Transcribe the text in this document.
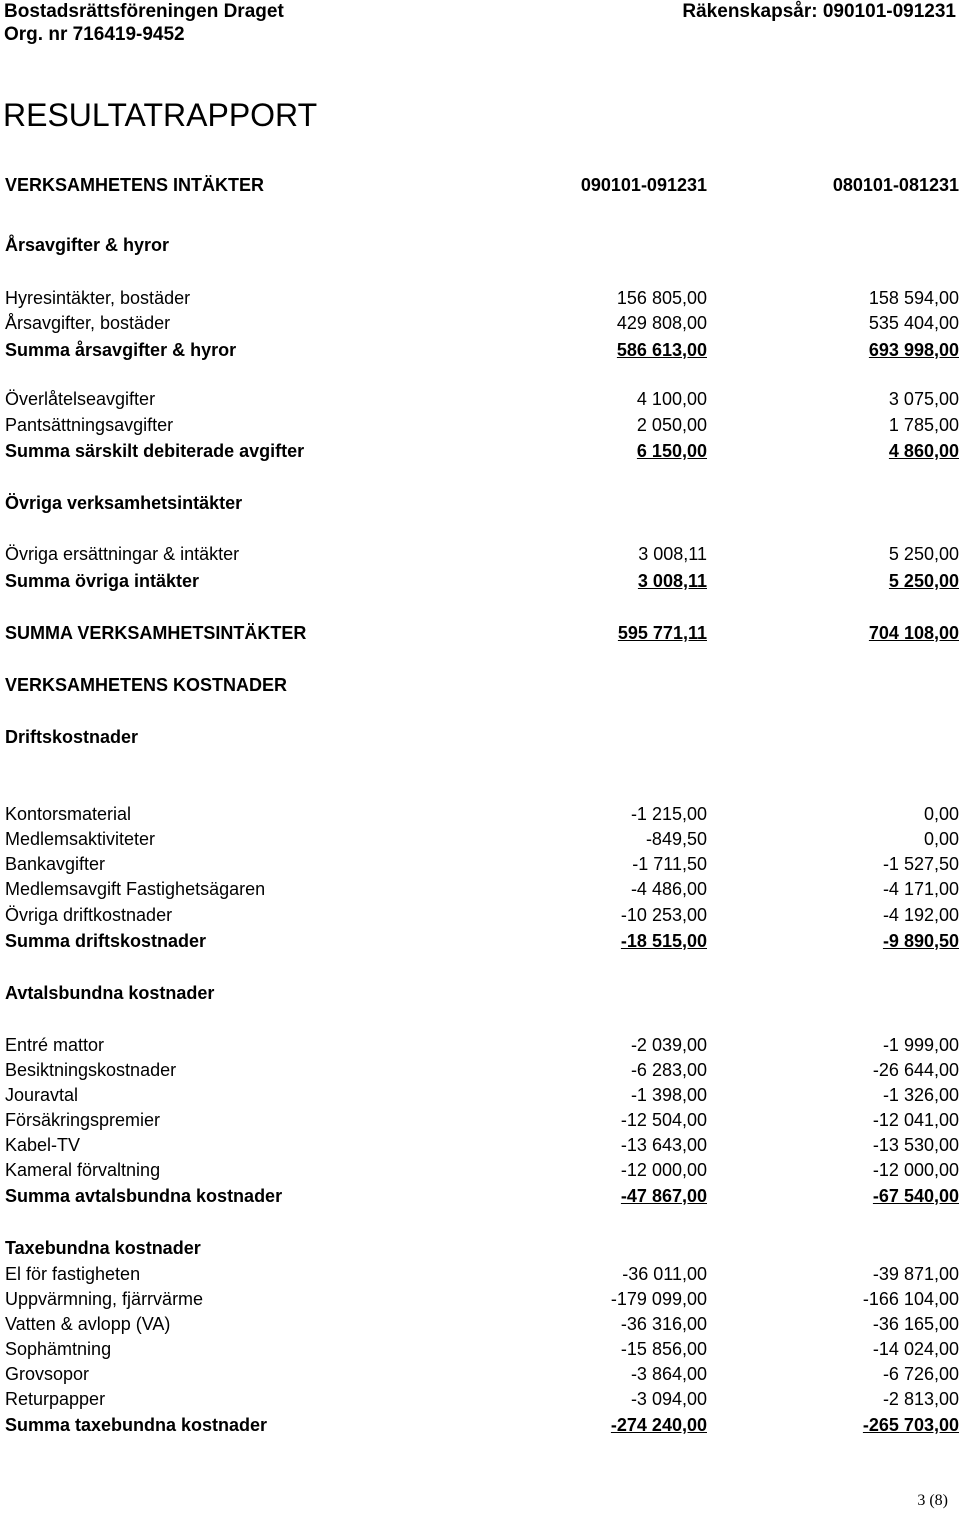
Bostadsrättsföreningen Draget
Org. nr 716419-9452
Räkenskapsår: 090101-091231
RESULTATRAPPORT
VERKSAMHETENS INTÄKTER	090101-091231	080101-081231
Årsavgifter & hyror
Hyresintäkter, bostäder	156 805,00	158 594,00
Årsavgifter, bostäder	429 808,00	535 404,00
Summa årsavgifter & hyror	586 613,00	693 998,00
Överlåtelseavgifter	4 100,00	3 075,00
Pantsättningsavgifter	2 050,00	1 785,00
Summa särskilt debiterade avgifter	6 150,00	4 860,00
Övriga verksamhetsintäkter
Övriga ersättningar & intäkter	3 008,11	5 250,00
Summa övriga intäkter	3 008,11	5 250,00
SUMMA VERKSAMHETSINTÄKTER	595 771,11	704 108,00
VERKSAMHETENS KOSTNADER
Driftskostnader
Kontorsmaterial	-1 215,00	0,00
Medlemsaktiviteter	-849,50	0,00
Bankavgifter	-1 711,50	-1 527,50
Medlemsavgift Fastighetsägaren	-4 486,00	-4 171,00
Övriga driftkostnader	-10 253,00	-4 192,00
Summa driftskostnader	-18 515,00	-9 890,50
Avtalsbundna kostnader
Entré mattor	-2 039,00	-1 999,00
Besiktningskostnader	-6 283,00	-26 644,00
Jouravtal	-1 398,00	-1 326,00
Försäkringspremier	-12 504,00	-12 041,00
Kabel-TV	-13 643,00	-13 530,00
Kameral förvaltning	-12 000,00	-12 000,00
Summa avtalsbundna kostnader	-47 867,00	-67 540,00
Taxebundna kostnader
El för fastigheten	-36 011,00	-39 871,00
Uppvärmning, fjärrvärme	-179 099,00	-166 104,00
Vatten & avlopp (VA)	-36 316,00	-36 165,00
Sophämtning	-15 856,00	-14 024,00
Grovsopor	-3 864,00	-6 726,00
Returpapper	-3 094,00	-2 813,00
Summa taxebundna kostnader	-274 240,00	-265 703,00
3 (8)
